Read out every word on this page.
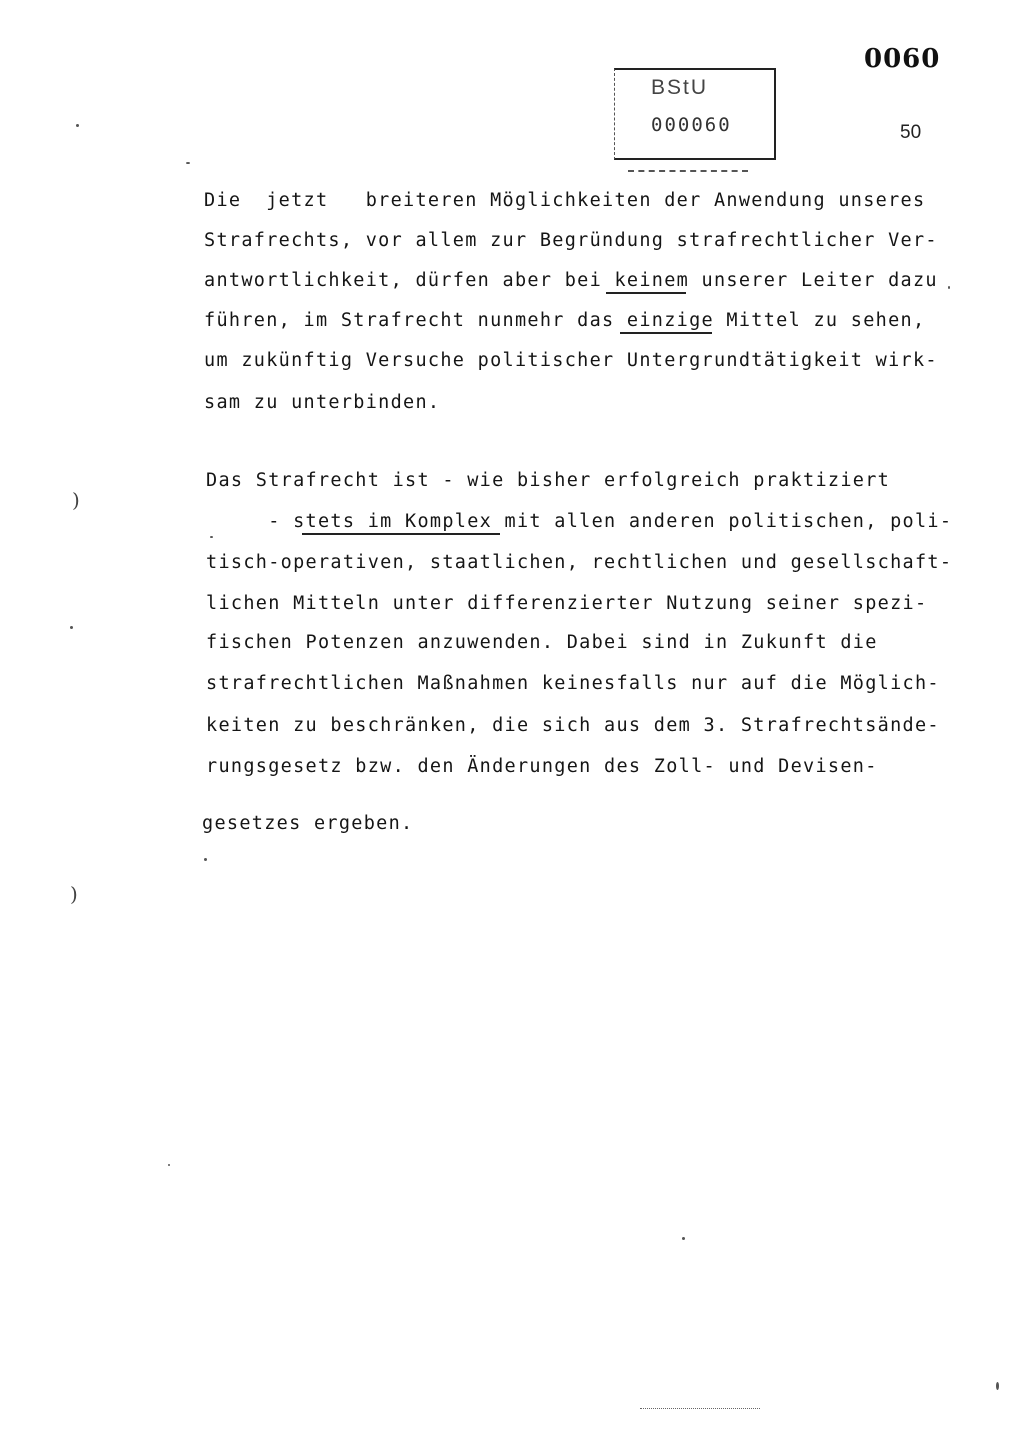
0060
BStU
000060	50
Die  jetzt   breiteren Möglichkeiten der Anwendung unseres
Strafrechts, vor allem zur Begründung strafrechtlicher Ver-
antwortlichkeit, dürfen aber bei keinem unserer Leiter dazu
führen, im Strafrecht nunmehr das einzige Mittel zu sehen,
um zukünftig Versuche politischer Untergrundtätigkeit wirk-
sam zu unterbinden.
Das Strafrecht ist - wie bisher erfolgreich praktiziert
- stets im Komplex mit allen anderen politischen, poli-
tisch-operativen, staatlichen, rechtlichen und gesellschaft-
lichen Mitteln unter differenzierter Nutzung seiner spezi-
fischen Potenzen anzuwenden. Dabei sind in Zukunft die
strafrechtlichen Maßnahmen keinesfalls nur auf die Möglich-
keiten zu beschränken, die sich aus dem 3. Strafrechtsände-
rungsgesetz bzw. den Änderungen des Zoll- und Devisen-
gesetzes ergeben.
)
)
